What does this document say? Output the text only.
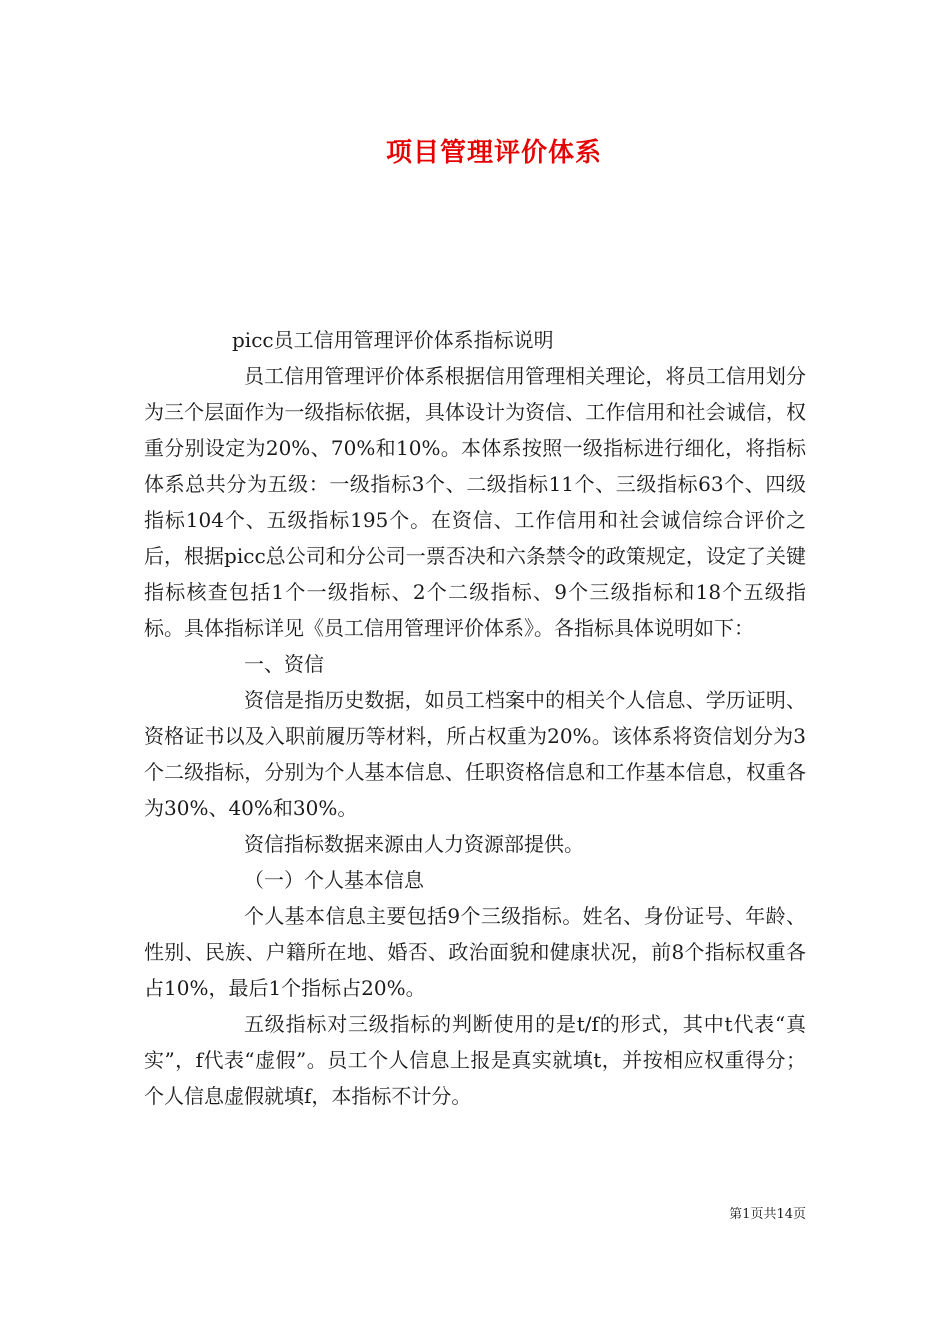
项目管理评价体系

picc员工信用管理评价体系指标说明

员工信用管理评价体系根据信用管理相关理论，将员工信用划分为三个层面作为一级指标依据，具体设计为资信、工作信用和社会诚信，权重分别设定为20%、70%和10%。本体系按照一级指标进行细化，将指标体系总共分为五级：一级指标3个、二级指标11个、三级指标63个、四级指标104个、五级指标195个。在资信、工作信用和社会诚信综合评价之后，根据picc总公司和分公司一票否决和六条禁令的政策规定，设定了关键指标核查包括1个一级指标、2个二级指标、9个三级指标和18个五级指标。具体指标详见《员工信用管理评价体系》。各指标具体说明如下：

一、资信

资信是指历史数据，如员工档案中的相关个人信息、学历证明、资格证书以及入职前履历等材料，所占权重为20%。该体系将资信划分为3个二级指标，分别为个人基本信息、任职资格信息和工作基本信息，权重各为30%、40%和30%。

资信指标数据来源由人力资源部提供。

（一）个人基本信息

个人基本信息主要包括9个三级指标。姓名、身份证号、年龄、性别、民族、户籍所在地、婚否、政治面貌和健康状况，前8个指标权重各占10%，最后1个指标占20%。

五级指标对三级指标的判断使用的是t/f的形式，其中t代表“真实”，f代表“虚假”。员工个人信息上报是真实就填t，并按相应权重得分；个人信息虚假就填f，本指标不计分。

第1页共14页
